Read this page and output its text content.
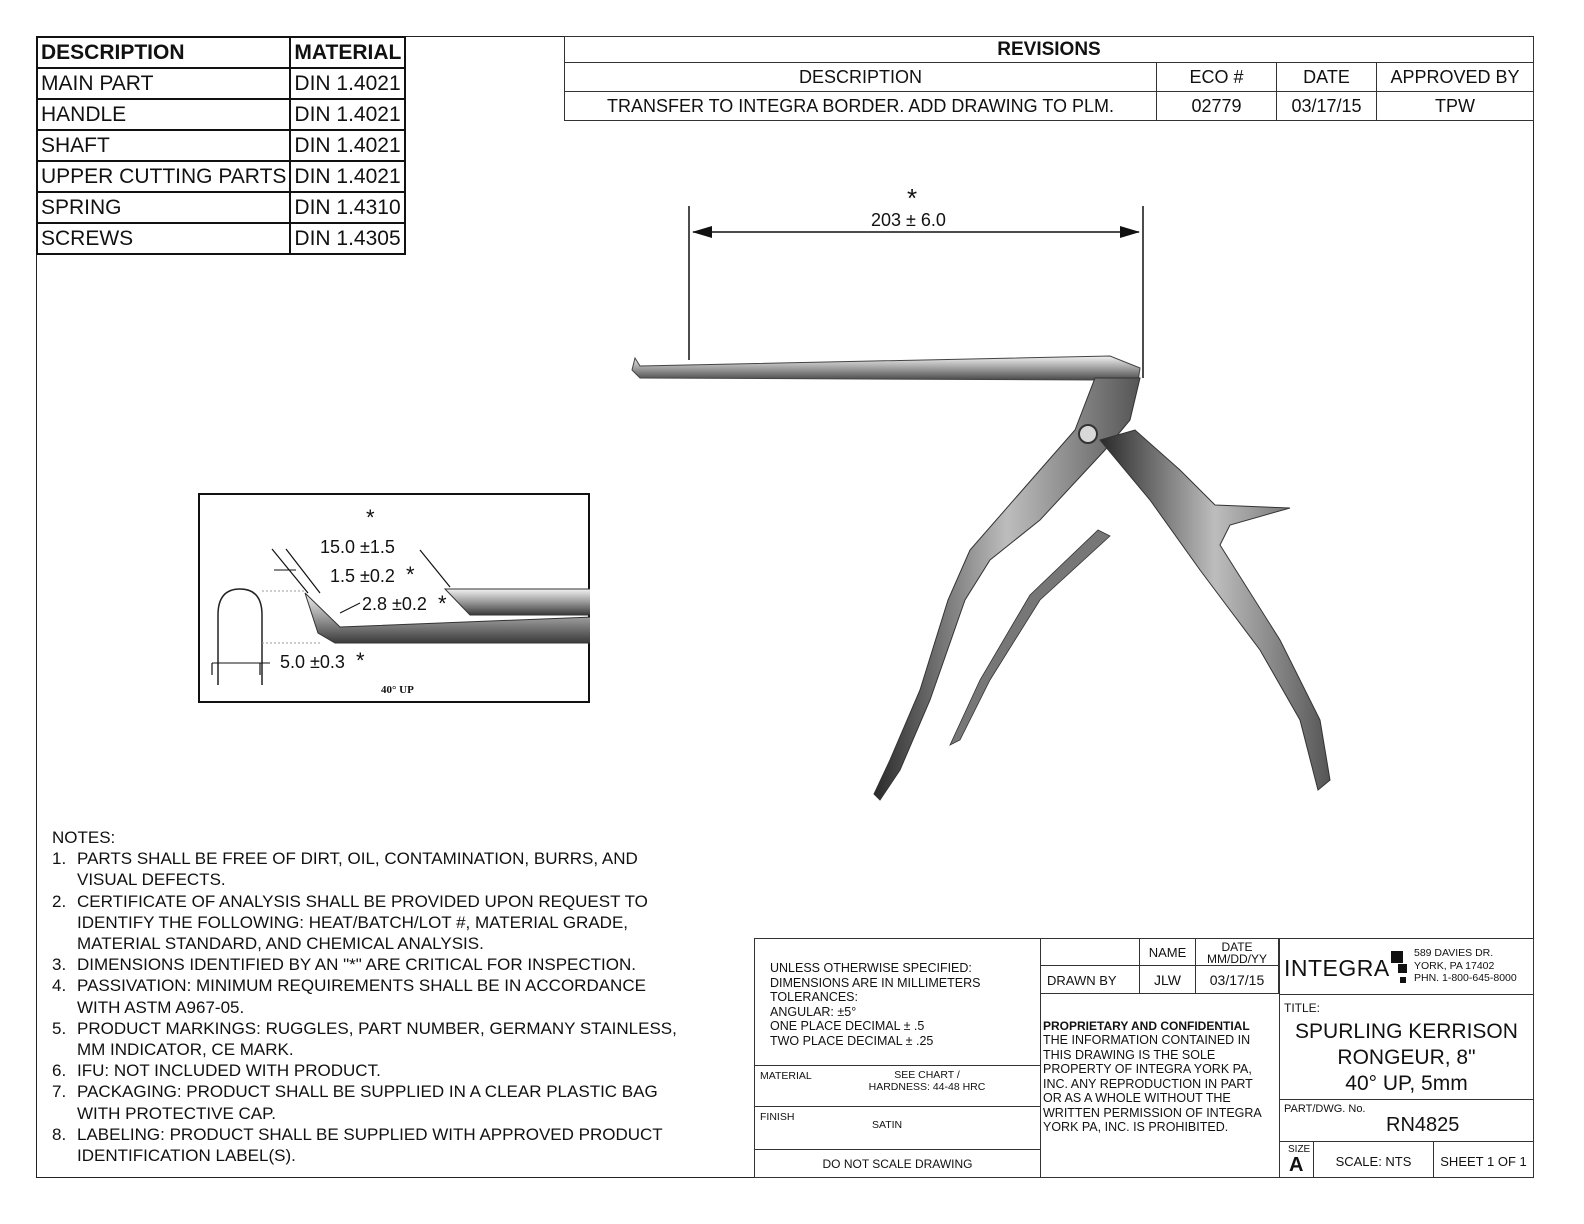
DESCRIPTION	MATERIAL
MAIN PART	DIN 1.4021
HANDLE	DIN 1.4021
SHAFT	DIN 1.4021
UPPER CUTTING PARTS	DIN 1.4021
SPRING	DIN 1.4310
SCREWS	DIN 1.4305
REVISIONS			
DESCRIPTION	ECO #	DATE	APPROVED BY
TRANSFER TO INTEGRA BORDER. ADD DRAWING TO PLM.	02779	03/17/15	TPW
*
203 ± 6.0
*
15.0 ±1.5
1.5 ±0.2 *
2.8 ±0.2 *
5.0 ±0.3 *
40° UP
NOTES:
1. PARTS SHALL BE FREE OF DIRT, OIL, CONTAMINATION, BURRS, AND
VISUAL DEFECTS.
2. CERTIFICATE OF ANALYSIS SHALL BE PROVIDED UPON REQUEST TO
IDENTIFY THE FOLLOWING: HEAT/BATCH/LOT #, MATERIAL GRADE,
MATERIAL STANDARD, AND CHEMICAL ANALYSIS.
3. DIMENSIONS IDENTIFIED BY AN "*" ARE CRITICAL FOR INSPECTION.
4. PASSIVATION: MINIMUM REQUIREMENTS SHALL BE IN ACCORDANCE
WITH ASTM A967-05.
5. PRODUCT MARKINGS: RUGGLES, PART NUMBER, GERMANY STAINLESS,
MM INDICATOR, CE MARK.
6. IFU: NOT INCLUDED WITH PRODUCT.
7. PACKAGING: PRODUCT SHALL BE SUPPLIED IN A CLEAR PLASTIC BAG
WITH PROTECTIVE CAP.
8. LABELING: PRODUCT SHALL BE SUPPLIED WITH APPROVED PRODUCT
IDENTIFICATION LABEL(S).
UNLESS OTHERWISE SPECIFIED:
DIMENSIONS ARE IN MILLIMETERS
TOLERANCES:
ANGULAR: ±5°
ONE PLACE DECIMAL ± .5
TWO PLACE DECIMAL ± .25
MATERIAL	SEE CHART /
HARDNESS: 44-48 HRC
FINISH
SATIN
DO NOT SCALE DRAWING
NAME	DATE
MM/DD/YY
DRAWN BY	JLW	03/17/15
PROPRIETARY AND CONFIDENTIAL
THE INFORMATION CONTAINED IN
THIS DRAWING IS THE SOLE
PROPERTY OF INTEGRA YORK PA,
INC. ANY REPRODUCTION IN PART
OR AS A WHOLE WITHOUT THE
WRITTEN PERMISSION OF INTEGRA
YORK PA, INC. IS PROHIBITED.
INTEGRA
589 DAVIES DR.
YORK, PA 17402
PHN. 1-800-645-8000
TITLE:
SPURLING KERRISON
RONGEUR, 8"
40° UP, 5mm
PART/DWG. No.
RN4825
SIZE
A	SCALE: NTS	SHEET 1 OF 1
